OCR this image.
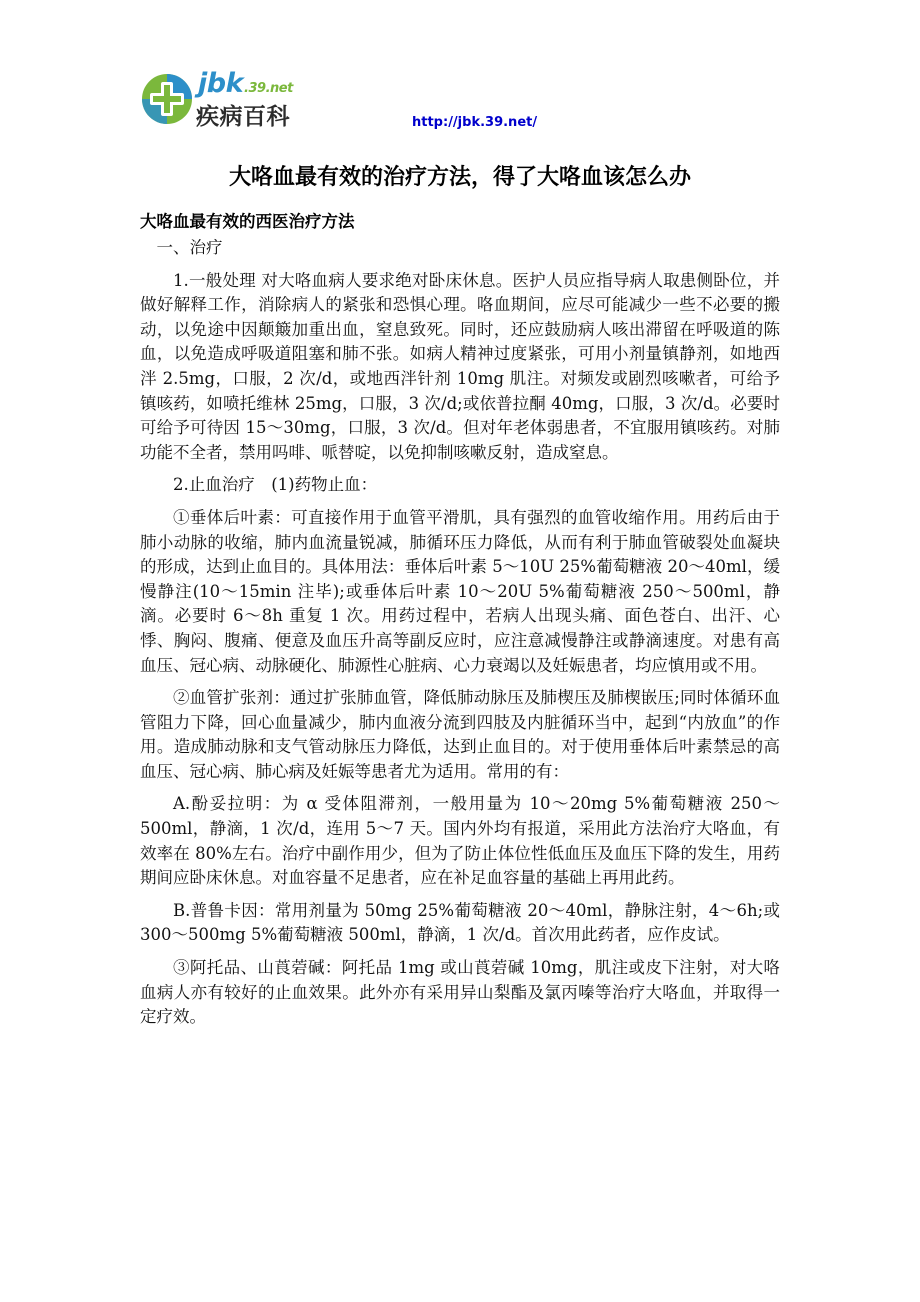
jbk.39.net
疾病百科	http://jbk.39.net/
大咯血最有效的治疗方法，得了大咯血该怎么办
大咯血最有效的西医治疗方法

一、治疗

1.一般处理 对大咯血病人要求绝对卧床休息。医护人员应指导病人取患侧卧位，并做好解释工作，消除病人的紧张和恐惧心理。咯血期间，应尽可能减少一些不必要的搬动，以免途中因颠簸加重出血，窒息致死。同时，还应鼓励病人咳出滞留在呼吸道的陈血，以免造成呼吸道阻塞和肺不张。如病人精神过度紧张，可用小剂量镇静剂，如地西泮 2.5mg，口服，2 次/d，或地西泮针剂 10mg 肌注。对频发或剧烈咳嗽者，可给予镇咳药，如喷托维林 25mg，口服，3 次/d;或依普拉酮 40mg，口服，3 次/d。必要时可给予可待因 15～30mg，口服，3 次/d。但对年老体弱患者，不宜服用镇咳药。对肺功能不全者，禁用吗啡、哌替啶，以免抑制咳嗽反射，造成窒息。

2.止血治疗　(1)药物止血：

①垂体后叶素：可直接作用于血管平滑肌，具有强烈的血管收缩作用。用药后由于肺小动脉的收缩，肺内血流量锐减，肺循环压力降低，从而有利于肺血管破裂处血凝块的形成，达到止血目的。具体用法：垂体后叶素 5～10U 25%葡萄糖液 20～40ml，缓慢静注(10～15min 注毕);或垂体后叶素 10～20U 5%葡萄糖液 250～500ml，静滴。必要时 6～8h 重复 1 次。用药过程中，若病人出现头痛、面色苍白、出汗、心悸、胸闷、腹痛、便意及血压升高等副反应时，应注意减慢静注或静滴速度。对患有高血压、冠心病、动脉硬化、肺源性心脏病、心力衰竭以及妊娠患者，均应慎用或不用。

②血管扩张剂：通过扩张肺血管，降低肺动脉压及肺楔压及肺楔嵌压;同时体循环血管阻力下降，回心血量减少，肺内血液分流到四肢及内脏循环当中，起到“内放血”的作用。造成肺动脉和支气管动脉压力降低，达到止血目的。对于使用垂体后叶素禁忌的高血压、冠心病、肺心病及妊娠等患者尤为适用。常用的有：

A.酚妥拉明：为 α 受体阻滞剂，一般用量为 10～20mg 5%葡萄糖液 250～500ml，静滴，1 次/d，连用 5～7 天。国内外均有报道，采用此方法治疗大咯血，有效率在 80%左右。治疗中副作用少，但为了防止体位性低血压及血压下降的发生，用药期间应卧床休息。对血容量不足患者，应在补足血容量的基础上再用此药。

B.普鲁卡因：常用剂量为 50mg 25%葡萄糖液 20～40ml，静脉注射，4～6h;或 300～500mg 5%葡萄糖液 500ml，静滴，1 次/d。首次用此药者，应作皮试。

③阿托品、山莨菪碱：阿托品 1mg 或山莨菪碱 10mg，肌注或皮下注射，对大咯血病人亦有较好的止血效果。此外亦有采用异山梨酯及氯丙嗪等治疗大咯血，并取得一定疗效。
